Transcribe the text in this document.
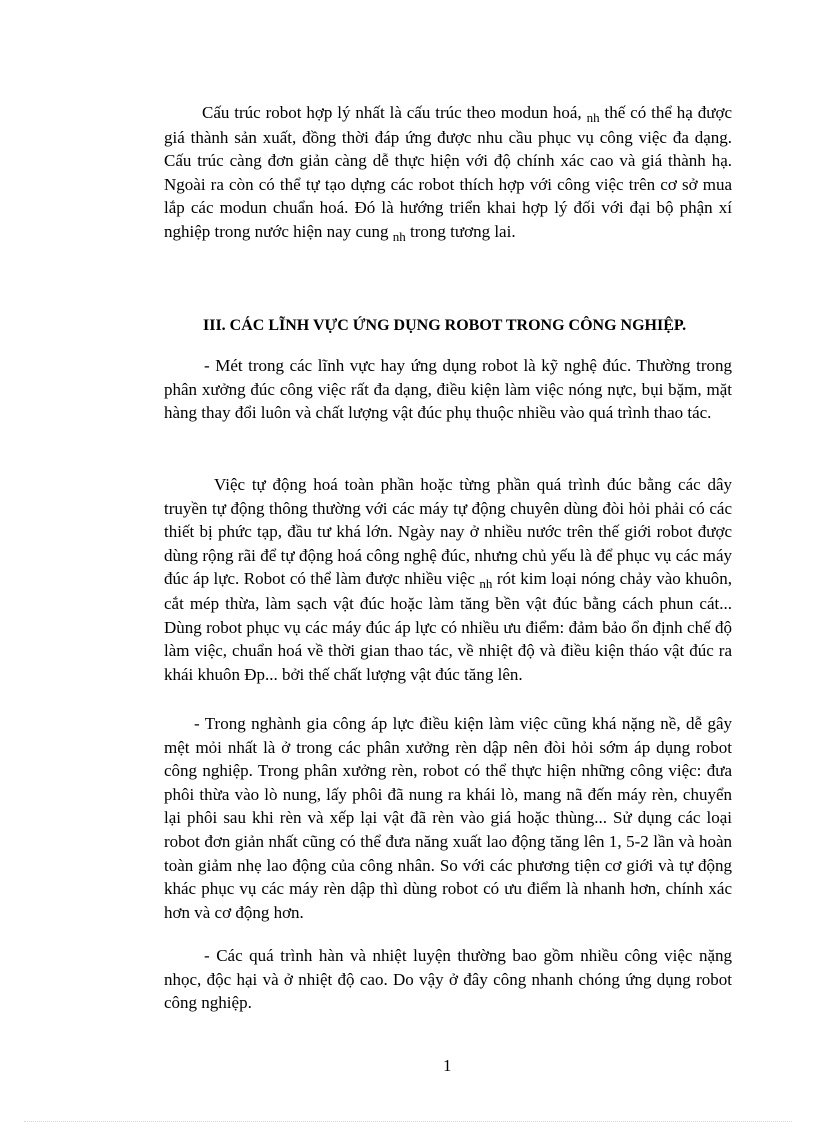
Cấu trúc robot hợp lý nhất là cấu trúc theo modun hoá, $_{nh}$ thế có thể hạ được giá thành sản xuất, đồng thời đáp ứng được nhu cầu phục vụ công việc đa dạng. Cấu trúc càng đơn giản càng dễ thực hiện với độ chính xác cao và giá thành hạ. Ngoài ra còn có thể tự tạo dựng các robot thích hợp với công việc trên cơ sở mua lắp các modun chuẩn hoá. Đó là hướng triển khai hợp lý đối với đại bộ phận xí nghiệp trong nước hiện nay cung $_{nh}$ trong tương lai.

III. CÁC LĨNH VỰC ỨNG DỤNG ROBOT TRONG CÔNG NGHIỆP.

- Mét trong các lĩnh vực hay ứng dụng robot là kỹ nghệ đúc. Thường trong phân xưởng đúc công việc rất đa dạng, điều kiện làm việc nóng nực, bụi bặm, mặt hàng thay đổi luôn và chất lượng vật đúc phụ thuộc nhiều vào quá trình thao tác.

Việc tự động hoá toàn phần hoặc từng phần quá trình đúc bằng các dây truyền tự động thông thường với các máy tự động chuyên dùng đòi hỏi phải có các thiết bị phức tạp, đầu tư khá lớn. Ngày nay ở nhiều nước trên thế giới robot được dùng rộng rãi để tự động hoá công nghệ đúc, nhưng chủ yếu là để phục vụ các máy đúc áp lực. Robot có thể làm được nhiều việc $_{nh}$ rót kim loại nóng chảy vào khuôn, cắt mép thừa, làm sạch vật đúc hoặc làm tăng bền vật đúc bằng cách phun cát... Dùng robot phục vụ các máy đúc áp lực có nhiều ưu điểm: đảm bảo ổn định chế độ làm việc, chuẩn hoá về thời gian thao tác, về nhiệt độ và điều kiện tháo vật đúc ra khái khuôn Đp... bởi thế chất lượng vật đúc tăng lên.

- Trong nghành gia công áp lực điều kiện làm việc cũng khá nặng nề, dễ gây mệt mỏi nhất là ở trong các phân xưởng rèn dập nên đòi hỏi sớm áp dụng robot công nghiệp. Trong phân xưởng rèn, robot có thể thực hiện những công việc: đưa phôi thừa vào lò nung, lấy phôi đã nung ra khái lò, mang nã đến máy rèn, chuyển lại phôi sau khi rèn và xếp lại vật đã rèn vào giá hoặc thùng... Sử dụng các loại robot đơn giản nhất cũng có thể đưa năng xuất lao động tăng lên 1, 5-2 lần và hoàn toàn giảm nhẹ lao động của công nhân. So với các phương tiện cơ giới và tự động khác phục vụ các máy rèn dập thì dùng robot có ưu điểm là nhanh hơn, chính xác hơn và cơ động hơn.

- Các quá trình hàn và nhiệt luyện thường bao gồm nhiều công việc nặng nhọc, độc hại và ở nhiệt độ cao. Do vậy ở đây công nhanh chóng ứng dụng robot công nghiệp.

1
